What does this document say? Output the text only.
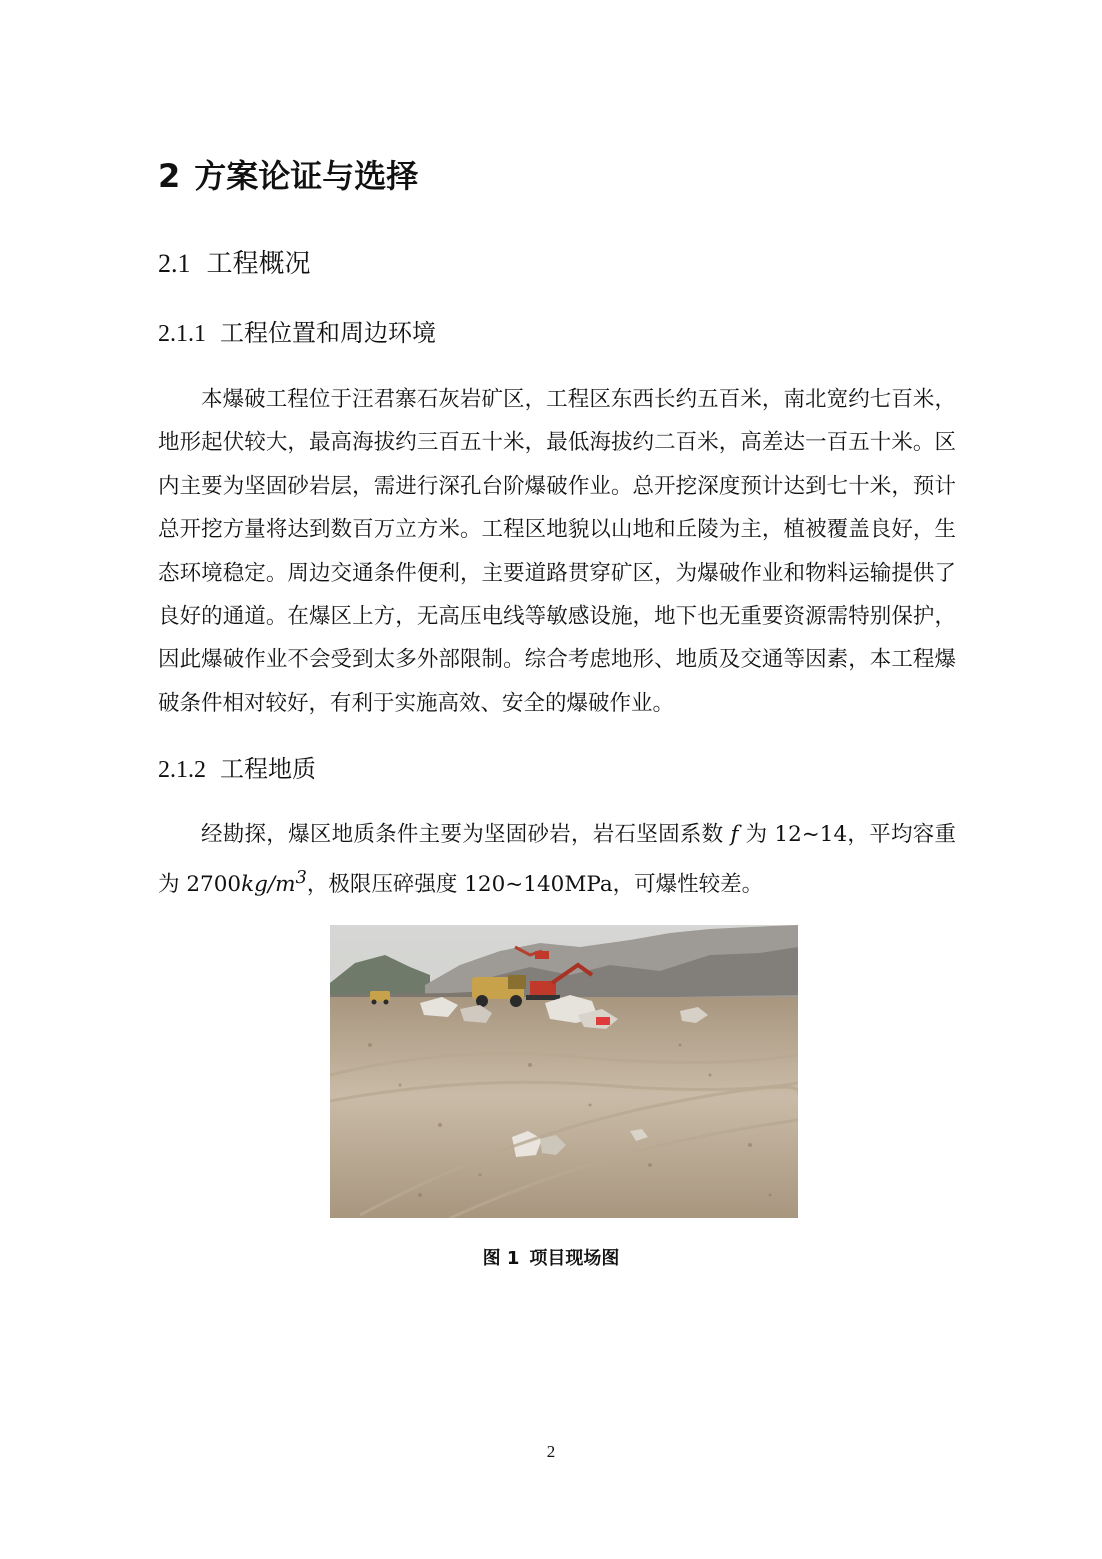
2 方案论证与选择
2.1 工程概况
2.1.1 工程位置和周边环境

本爆破工程位于汪君寨石灰岩矿区，工程区东西长约五百米，南北宽约七百米，地形起伏较大，最高海拔约三百五十米，最低海拔约二百米，高差达一百五十米。区内主要为坚固砂岩层，需进行深孔台阶爆破作业。总开挖深度预计达到七十米，预计总开挖方量将达到数百万立方米。工程区地貌以山地和丘陵为主，植被覆盖良好，生态环境稳定。周边交通条件便利，主要道路贯穿矿区，为爆破作业和物料运输提供了良好的通道。在爆区上方，无高压电线等敏感设施，地下也无重要资源需特别保护，因此爆破作业不会受到太多外部限制。综合考虑地形、地质及交通等因素，本工程爆破条件相对较好，有利于实施高效、安全的爆破作业。

2.1.2 工程地质

经勘探，爆区地质条件主要为坚固砂岩，岩石坚固系数 f 为 12~14，平均容重为 $2700kg/m^3$，极限压碎强度 120~140MPa，可爆性较差。

图 1 项目现场图
2
